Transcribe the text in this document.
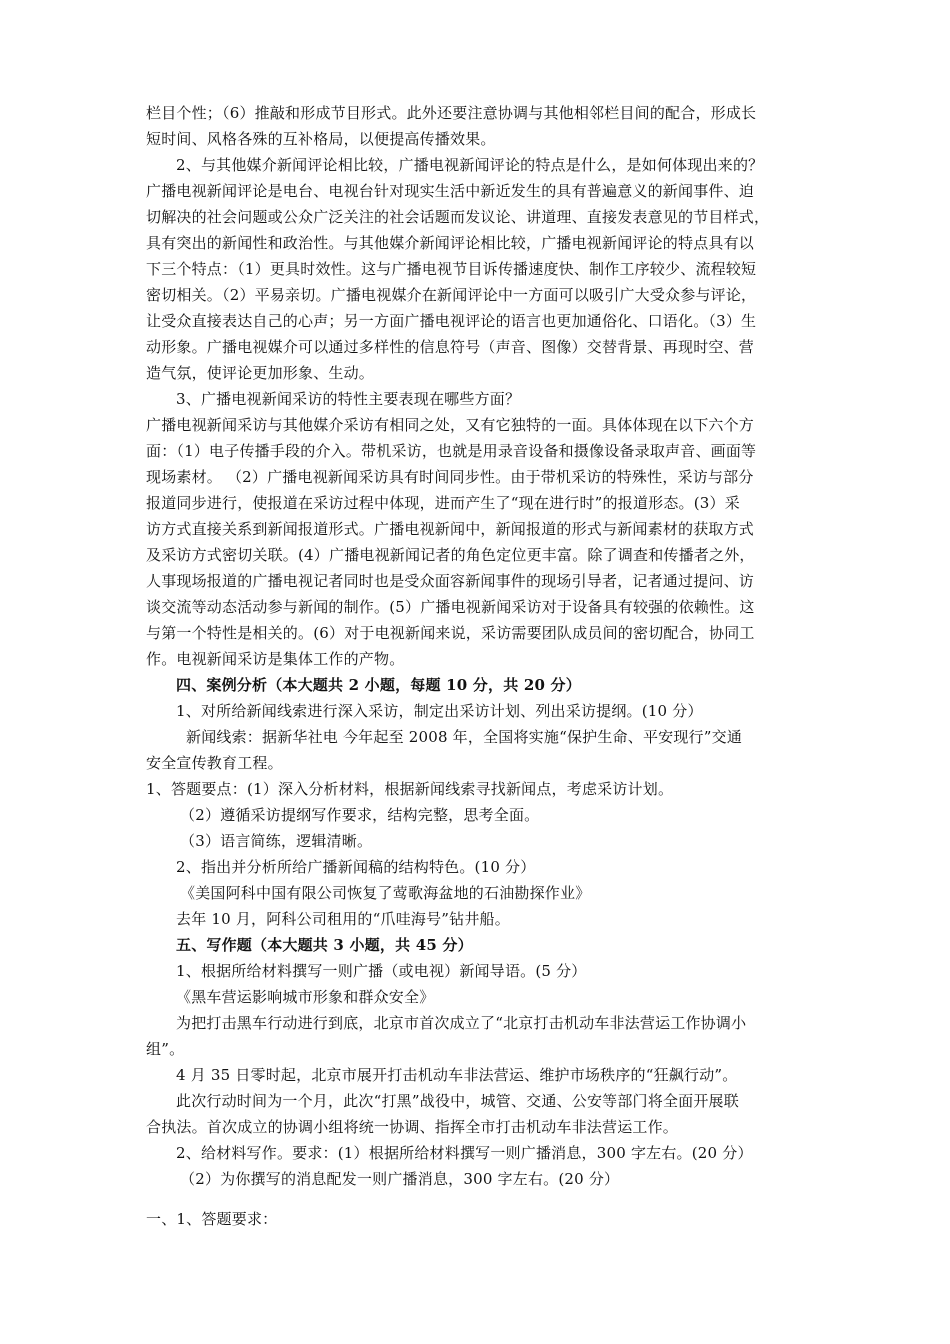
栏目个性；（6）推敲和形成节目形式。此外还要注意协调与其他相邻栏目间的配合，形成长
短时间、风格各殊的互补格局，以便提高传播效果。
2、与其他媒介新闻评论相比较，广播电视新闻评论的特点是什么，是如何体现出来的？
广播电视新闻评论是电台、电视台针对现实生活中新近发生的具有普遍意义的新闻事件、迫
切解决的社会问题或公众广泛关注的社会话题而发议论、讲道理、直接发表意见的节目样式，
具有突出的新闻性和政治性。与其他媒介新闻评论相比较，广播电视新闻评论的特点具有以
下三个特点：（1）更具时效性。这与广播电视节目诉传播速度快、制作工序较少、流程较短
密切相关。（2）平易亲切。广播电视媒介在新闻评论中一方面可以吸引广大受众参与评论，
让受众直接表达自己的心声；另一方面广播电视评论的语言也更加通俗化、口语化。（3）生
动形象。广播电视媒介可以通过多样性的信息符号（声音、图像）交替背景、再现时空、营
造气氛，使评论更加形象、生动。
3、广播电视新闻采访的特性主要表现在哪些方面？
广播电视新闻采访与其他媒介采访有相同之处，又有它独特的一面。具体体现在以下六个方
面：（1）电子传播手段的介入。带机采访，也就是用录音设备和摄像设备录取声音、画面等
现场素材。 （2）广播电视新闻采访具有时间同步性。由于带机采访的特殊性，采访与部分
报道同步进行，使报道在采访过程中体现，进而产生了“现在进行时”的报道形态。(3）采
访方式直接关系到新闻报道形式。广播电视新闻中，新闻报道的形式与新闻素材的获取方式
及采访方式密切关联。(4）广播电视新闻记者的角色定位更丰富。除了调查和传播者之外，
人事现场报道的广播电视记者同时也是受众面容新闻事件的现场引导者，记者通过提问、访
谈交流等动态活动参与新闻的制作。(5）广播电视新闻采访对于设备具有较强的依赖性。这
与第一个特性是相关的。(6）对于电视新闻来说，采访需要团队成员间的密切配合，协同工
作。电视新闻采访是集体工作的产物。
四、案例分析（本大题共 2 小题，每题 10 分，共 20 分）
1、对所给新闻线索进行深入采访，制定出采访计划、列出采访提纲。(10 分）
新闻线索：据新华社电 今年起至 2008 年，全国将实施“保护生命、平安现行”交通
安全宣传教育工程。
1、答题要点：(1）深入分析材料，根据新闻线索寻找新闻点，考虑采访计划。
（2）遵循采访提纲写作要求，结构完整，思考全面。
（3）语言简练，逻辑清晰。
2、指出并分析所给广播新闻稿的结构特色。(10 分）
《美国阿科中国有限公司恢复了莺歌海盆地的石油勘探作业》
去年 10 月，阿科公司租用的“爪哇海号”钻井船。
五、写作题（本大题共 3 小题，共 45 分）
1、根据所给材料撰写一则广播（或电视）新闻导语。(5 分）
《黑车营运影响城市形象和群众安全》
为把打击黑车行动进行到底，北京市首次成立了“北京打击机动车非法营运工作协调小
组”。
4 月 35 日零时起，北京市展开打击机动车非法营运、维护市场秩序的“狂飙行动”。
此次行动时间为一个月，此次“打黑”战役中，城管、交通、公安等部门将全面开展联
合执法。首次成立的协调小组将统一协调、指挥全市打击机动车非法营运工作。
2、给材料写作。要求：(1）根据所给材料撰写一则广播消息，300 字左右。(20 分）
（2）为你撰写的消息配发一则广播消息，300 字左右。(20 分）
一、1、答题要求：
